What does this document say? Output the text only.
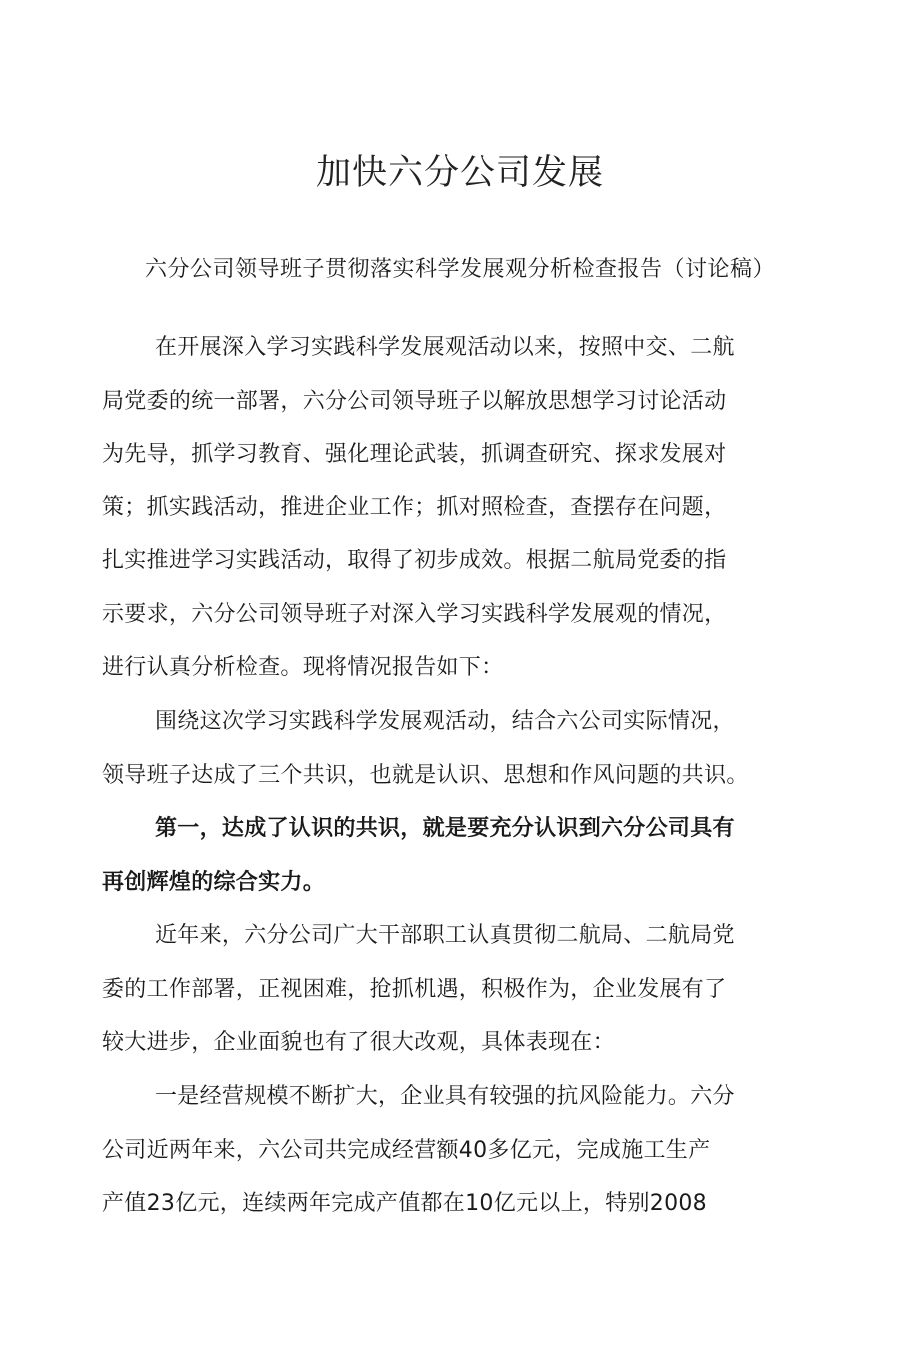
加快六分公司发展
六分公司领导班子贯彻落实科学发展观分析检查报告（讨论稿）
在开展深入学习实践科学发展观活动以来，按照中交、二航
局党委的统一部署，六分公司领导班子以解放思想学习讨论活动
为先导，抓学习教育、强化理论武装，抓调查研究、探求发展对
策；抓实践活动，推进企业工作；抓对照检查，查摆存在问题，
扎实推进学习实践活动，取得了初步成效。根据二航局党委的指
示要求，六分公司领导班子对深入学习实践科学发展观的情况，
进行认真分析检查。现将情况报告如下：
围绕这次学习实践科学发展观活动，结合六公司实际情况，
领导班子达成了三个共识，也就是认识、思想和作风问题的共识。
第一，达成了认识的共识，就是要充分认识到六分公司具有
再创辉煌的综合实力。
近年来，六分公司广大干部职工认真贯彻二航局、二航局党
委的工作部署，正视困难，抢抓机遇，积极作为，企业发展有了
较大进步，企业面貌也有了很大改观，具体表现在：
一是经营规模不断扩大，企业具有较强的抗风险能力。六分
公司近两年来，六公司共完成经营额40多亿元，完成施工生产
产值23亿元，连续两年完成产值都在10亿元以上，特别2008
